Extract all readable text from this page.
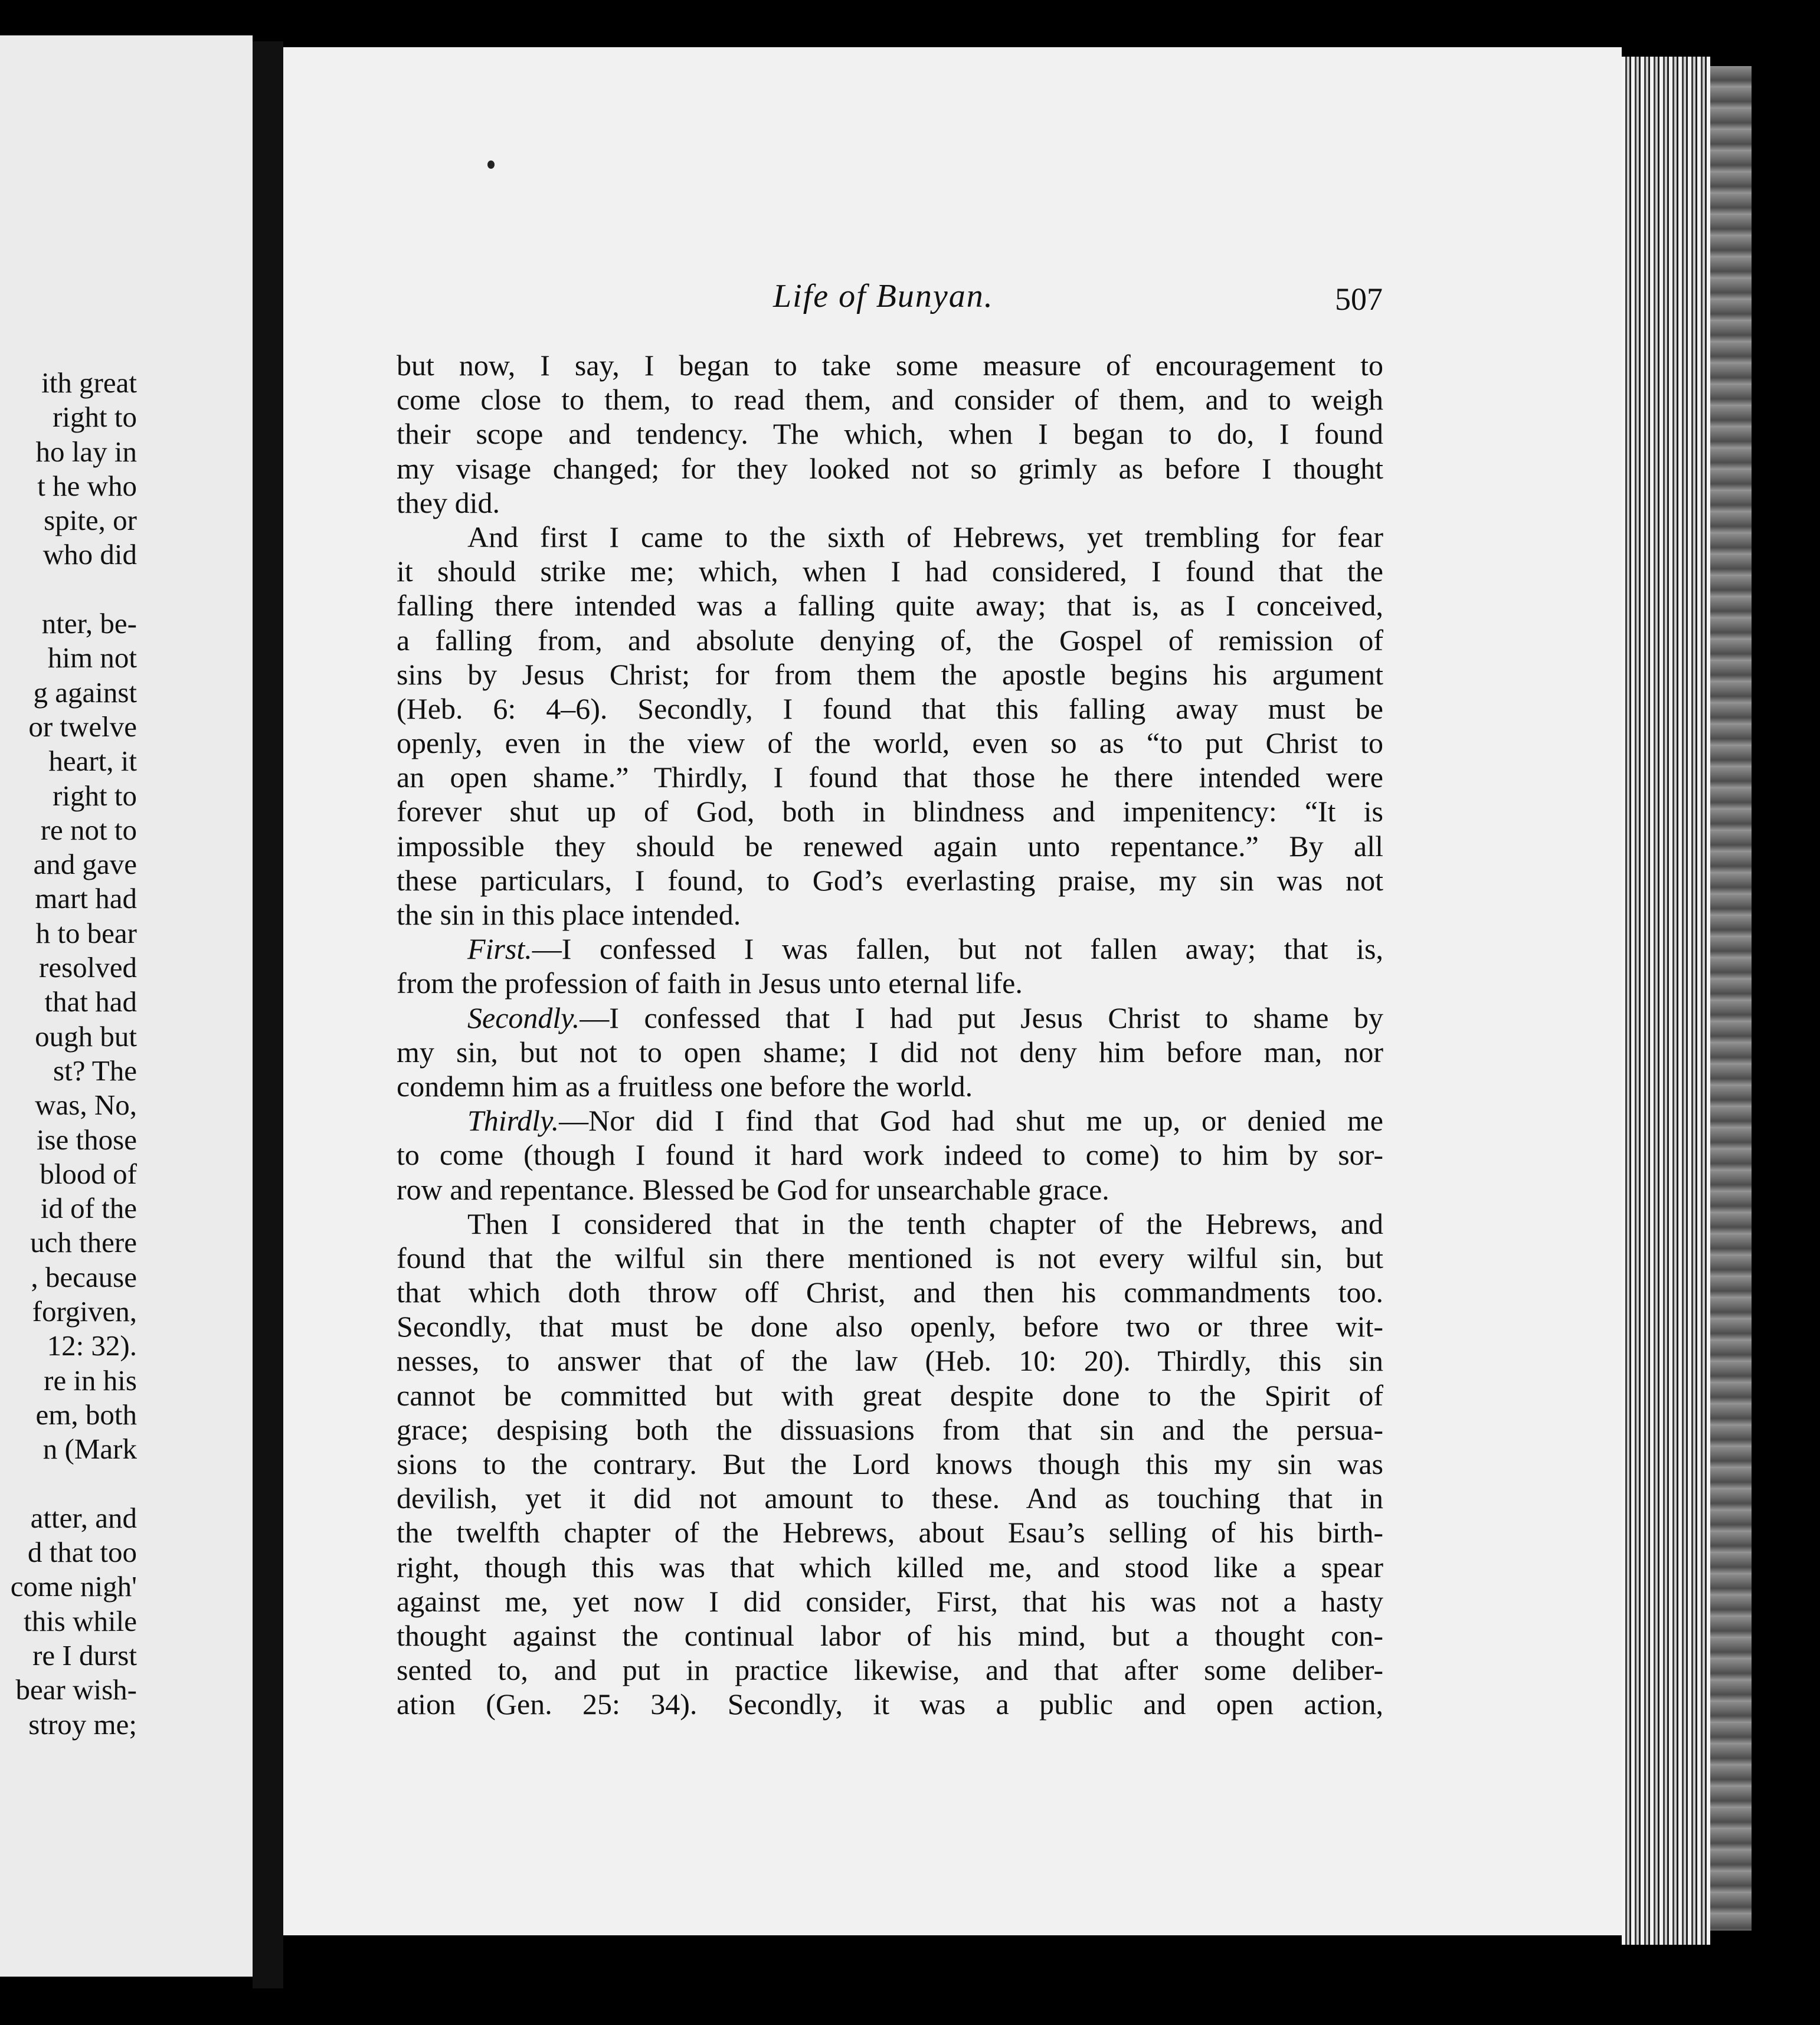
ith great
right to
ho lay in
t he who
spite, or
who did
nter, be-
him not
g against
or twelve
heart, it
right to
re not to
and gave
mart had
h to bear
resolved
that had
ough but
st? The
was, No,
ise those
blood of
id of the
uch there
, because
forgiven,
12: 32).
re in his
em, both
n (Mark
atter, and
d that too
come nigh'
this while
re I durst
bear wish-
stroy me;
Life of Bunyan.	507
but now, I say, I began to take some measure of encouragement to
come close to them, to read them, and consider of them, and to weigh
their scope and tendency. The which, when I began to do, I found
my visage changed; for they looked not so grimly as before I thought
they did.
And first I came to the sixth of Hebrews, yet trembling for fear
it should strike me; which, when I had considered, I found that the
falling there intended was a falling quite away; that is, as I conceived,
a falling from, and absolute denying of, the Gospel of remission of
sins by Jesus Christ; for from them the apostle begins his argument
(Heb. 6: 4–6). Secondly, I found that this falling away must be
openly, even in the view of the world, even so as “to put Christ to
an open shame.” Thirdly, I found that those he there intended were
forever shut up of God, both in blindness and impenitency: “It is
impossible they should be renewed again unto repentance.” By all
these particulars, I found, to God’s everlasting praise, my sin was not
the sin in this place intended.
First.—I confessed I was fallen, but not fallen away; that is,
from the profession of faith in Jesus unto eternal life.
Secondly.—I confessed that I had put Jesus Christ to shame by
my sin, but not to open shame; I did not deny him before man, nor
condemn him as a fruitless one before the world.
Thirdly.—Nor did I find that God had shut me up, or denied me
to come (though I found it hard work indeed to come) to him by sor-
row and repentance. Blessed be God for unsearchable grace.
Then I considered that in the tenth chapter of the Hebrews, and
found that the wilful sin there mentioned is not every wilful sin, but
that which doth throw off Christ, and then his commandments too.
Secondly, that must be done also openly, before two or three wit-
nesses, to answer that of the law (Heb. 10: 20). Thirdly, this sin
cannot be committed but with great despite done to the Spirit of
grace; despising both the dissuasions from that sin and the persua-
sions to the contrary. But the Lord knows though this my sin was
devilish, yet it did not amount to these. And as touching that in
the twelfth chapter of the Hebrews, about Esau’s selling of his birth-
right, though this was that which killed me, and stood like a spear
against me, yet now I did consider, First, that his was not a hasty
thought against the continual labor of his mind, but a thought con-
sented to, and put in practice likewise, and that after some deliber-
ation (Gen. 25: 34). Secondly, it was a public and open action,
